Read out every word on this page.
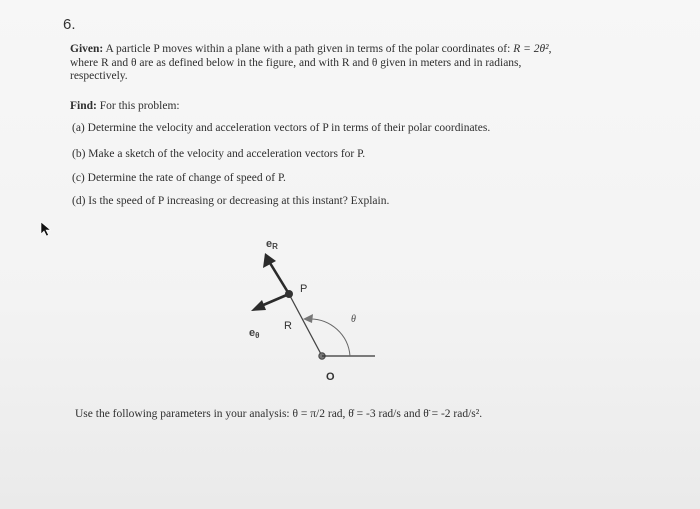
6.
Given: A particle P moves within a plane with a path given in terms of the polar coordinates of: R = 2θ², where R and θ are as defined below in the figure, and with R and θ given in meters and in radians, respectively.
Find: For this problem:
(a) Determine the velocity and acceleration vectors of P in terms of their polar coordinates.
(b) Make a sketch of the velocity and acceleration vectors for P.
(c) Determine the rate of change of speed of P.
(d) Is the speed of P increasing or decreasing at this instant? Explain.
eR
P
eθ
R
θ
O
Use the following parameters in your analysis: θ = π/2 rad, θ̇ = -3 rad/s and θ̈ = -2 rad/s².
